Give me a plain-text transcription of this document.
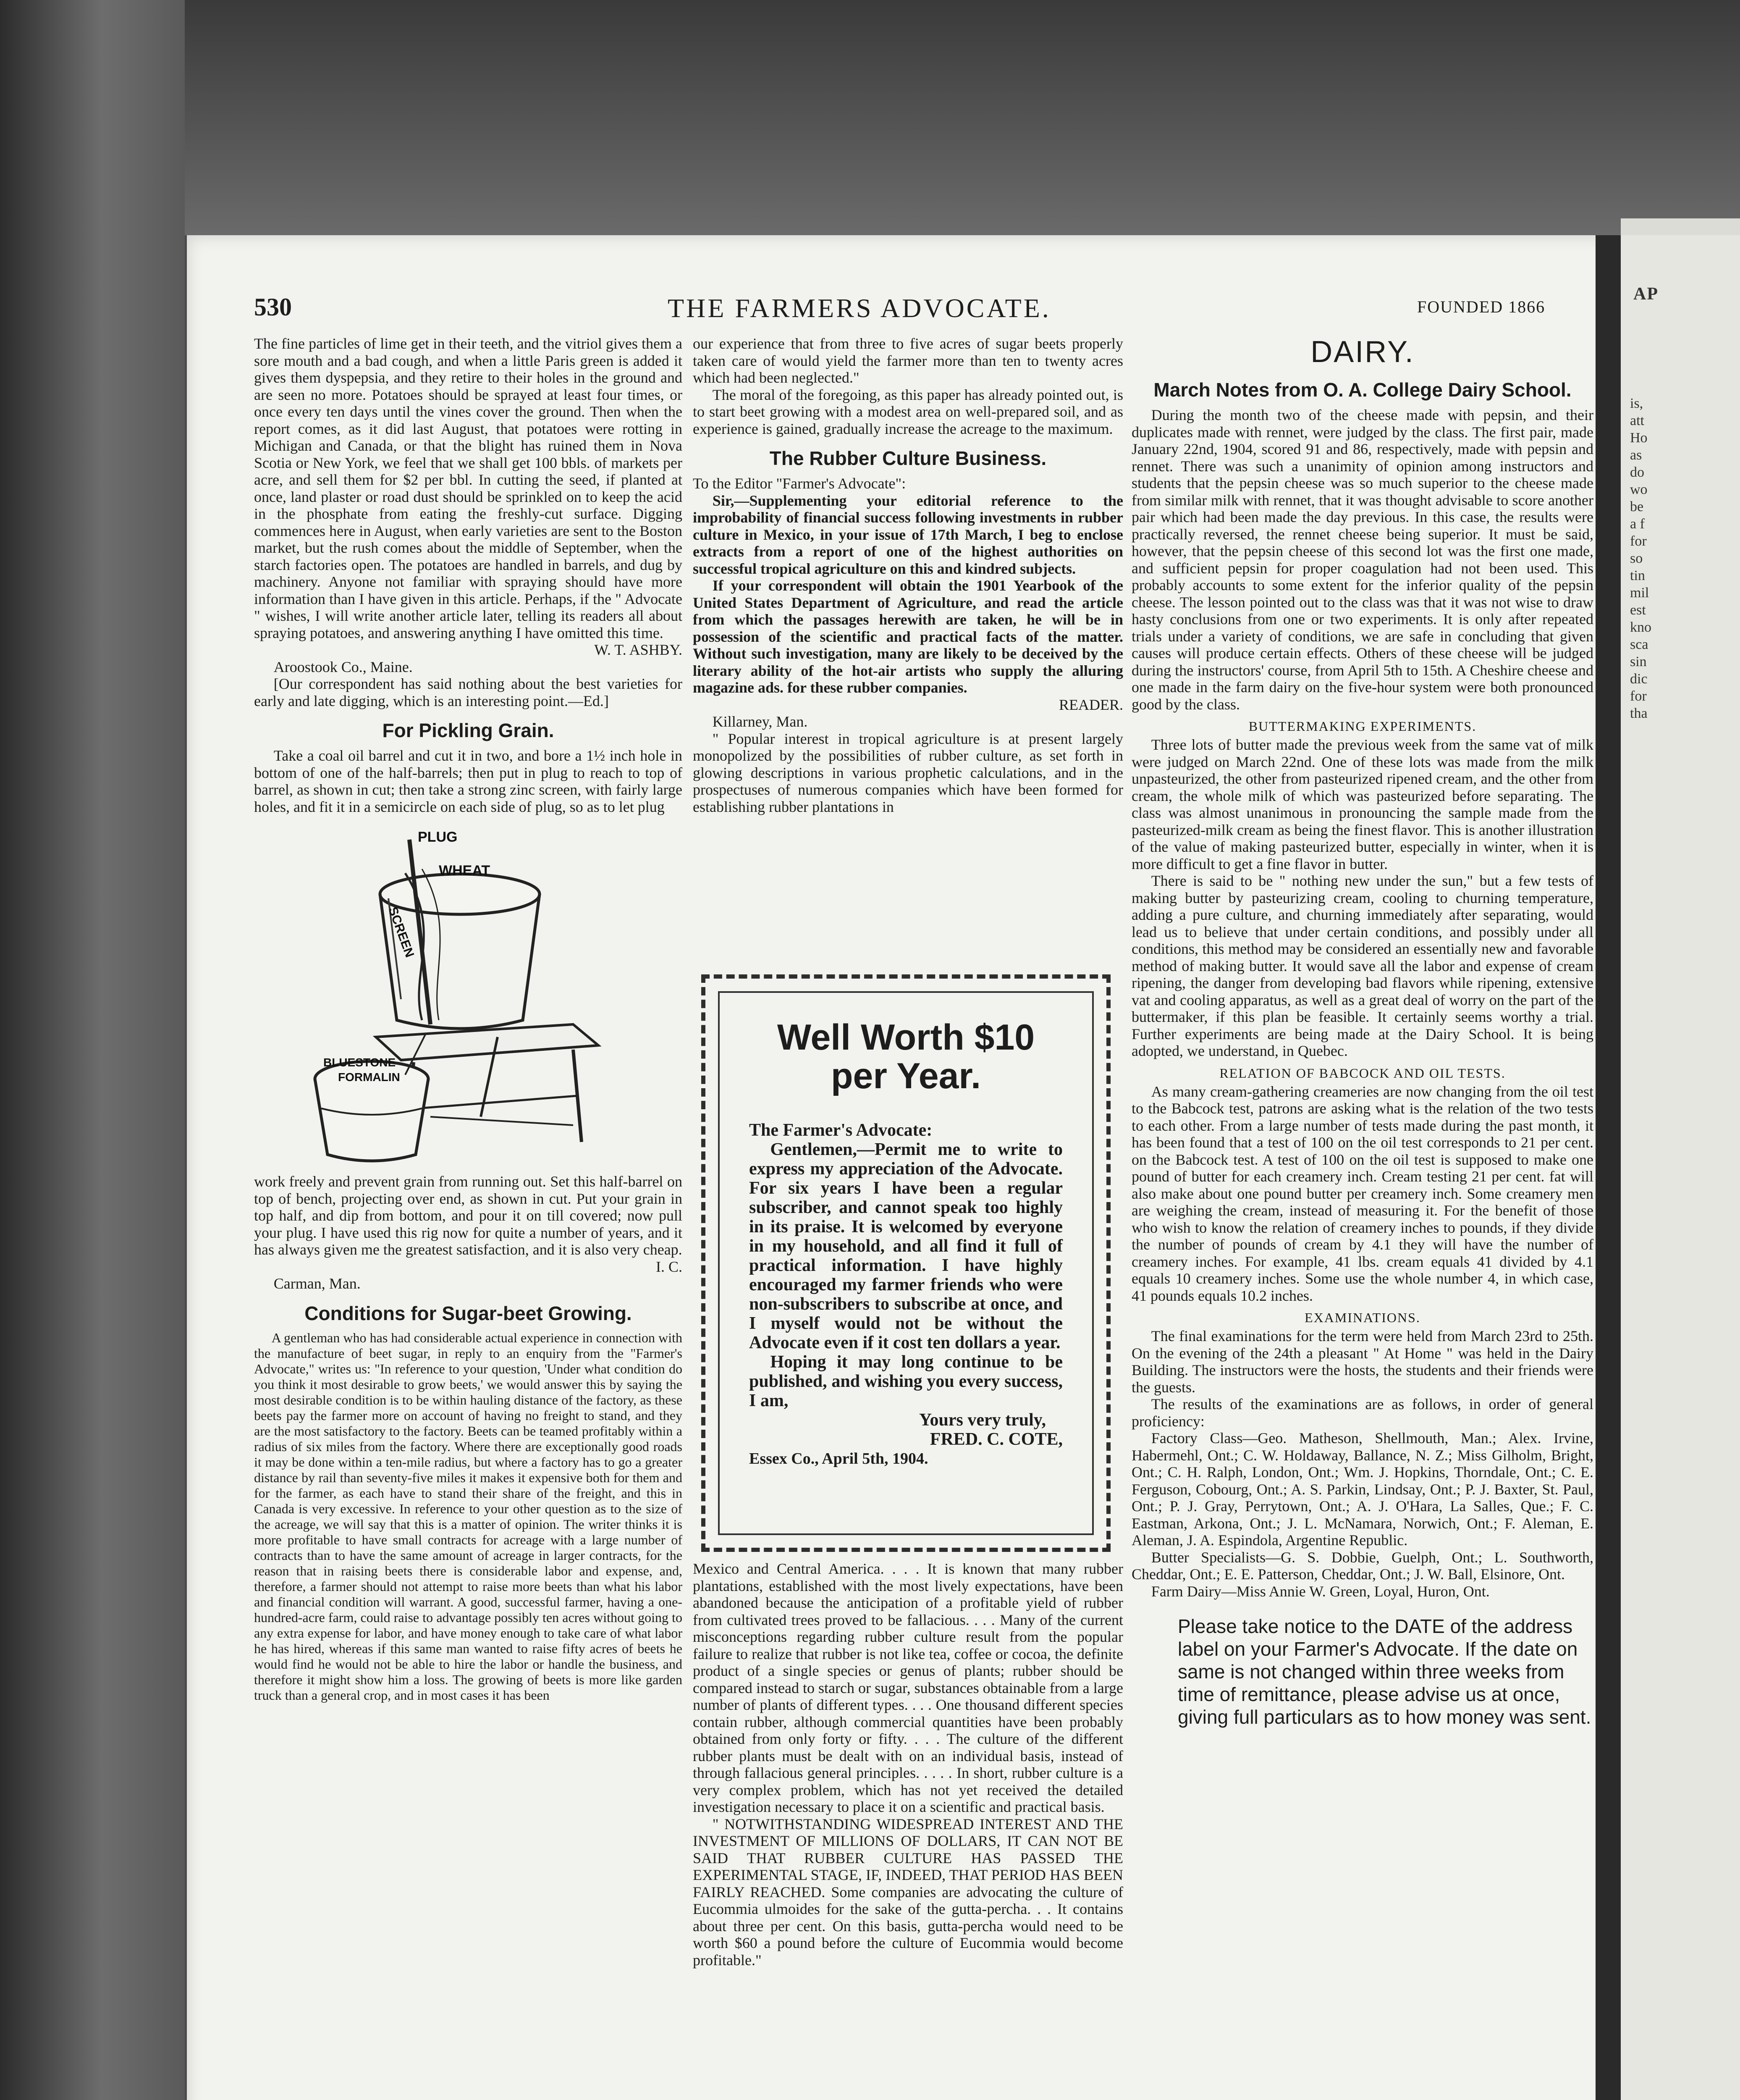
530	THE FARMERS ADVOCATE.	FOUNDED 1866

The fine particles of lime get in their teeth, and the vitriol gives them a sore mouth and a bad cough, and when a little Paris green is added it gives them dyspepsia, and they retire to their holes in the ground and are seen no more. Potatoes should be sprayed at least four times, or once every ten days until the vines cover the ground. Then when the report comes, as it did last August, that potatoes were rotting in Michigan and Canada, or that the blight has ruined them in Nova Scotia or New York, we feel that we shall get 100 bbls. of markets per acre, and sell them for $2 per bbl. In cutting the seed, if planted at once, land plaster or road dust should be sprinkled on to keep the acid in the phosphate from eating the freshly-cut surface. Digging commences here in August, when early varieties are sent to the Boston market, but the rush comes about the middle of September, when the starch factories open. The potatoes are handled in barrels, and dug by machinery. Anyone not familiar with spraying should have more information than I have given in this article. Perhaps, if the " Advocate " wishes, I will write another article later, telling its readers all about spraying potatoes, and answering anything I have omitted this time.

W. T. ASHBY.

Aroostook Co., Maine.

[Our correspondent has said nothing about the best varieties for early and late digging, which is an interesting point.—Ed.]

For Pickling Grain.

Take a coal oil barrel and cut it in two, and bore a 1½ inch hole in bottom of one of the half-barrels; then put in plug to reach to top of barrel, as shown in cut; then take a strong zinc screen, with fairly large holes, and fit it in a semicircle on each side of plug, so as to let plug

PLUG
WHEAT
SCREEN
BLUESTONE
FORMALIN

work freely and prevent grain from running out. Set this half-barrel on top of bench, projecting over end, as shown in cut. Put your grain in top half, and dip from bottom, and pour it on till covered; now pull your plug. I have used this rig now for quite a number of years, and it has always given me the greatest satisfaction, and it is also very cheap.

I. C.

Carman, Man.

Conditions for Sugar-beet Growing.

A gentleman who has had considerable actual experience in connection with the manufacture of beet sugar, in reply to an enquiry from the "Farmer's Advocate," writes us: "In reference to your question, 'Under what condition do you think it most desirable to grow beets,' we would answer this by saying the most desirable condition is to be within hauling distance of the factory, as these beets pay the farmer more on account of having no freight to stand, and they are the most satisfactory to the factory. Beets can be teamed profitably within a radius of six miles from the factory. Where there are exceptionally good roads it may be done within a ten-mile radius, but where a factory has to go a greater distance by rail than seventy-five miles it makes it expensive both for them and for the farmer, as each have to stand their share of the freight, and this in Canada is very excessive. In reference to your other question as to the size of the acreage, we will say that this is a matter of opinion. The writer thinks it is more profitable to have small contracts for acreage with a large number of contracts than to have the same amount of acreage in larger contracts, for the reason that in raising beets there is considerable labor and expense, and, therefore, a farmer should not attempt to raise more beets than what his labor and financial condition will warrant. A good, successful farmer, having a one-hundred-acre farm, could raise to advantage possibly ten acres without going to any extra expense for labor, and have money enough to take care of what labor he has hired, whereas if this same man wanted to raise fifty acres of beets he would find he would not be able to hire the labor or handle the business, and therefore it might show him a loss. The growing of beets is more like garden truck than a general crop, and in most cases it has been

our experience that from three to five acres of sugar beets properly taken care of would yield the farmer more than ten to twenty acres which had been neglected."

The moral of the foregoing, as this paper has already pointed out, is to start beet growing with a modest area on well-prepared soil, and as experience is gained, gradually increase the acreage to the maximum.

The Rubber Culture Business.

To the Editor "Farmer's Advocate":

Sir,—Supplementing your editorial reference to the improbability of financial success following investments in rubber culture in Mexico, in your issue of 17th March, I beg to enclose extracts from a report of one of the highest authorities on successful tropical agriculture on this and kindred subjects.

If your correspondent will obtain the 1901 Yearbook of the United States Department of Agriculture, and read the article from which the passages herewith are taken, he will be in possession of the scientific and practical facts of the matter. Without such investigation, many are likely to be deceived by the literary ability of the hot-air artists who supply the alluring magazine ads. for these rubber companies.

READER.

Killarney, Man.

" Popular interest in tropical agriculture is at present largely monopolized by the possibilities of rubber culture, as set forth in glowing descriptions in various prophetic calculations, and in the prospectuses of numerous companies which have been formed for establishing rubber plantations in

Mexico and Central America. . . . It is known that many rubber plantations, established with the most lively expectations, have been abandoned because the anticipation of a profitable yield of rubber from cultivated trees proved to be fallacious. . . . Many of the current misconceptions regarding rubber culture result from the popular failure to realize that rubber is not like tea, coffee or cocoa, the definite product of a single species or genus of plants; rubber should be compared instead to starch or sugar, substances obtainable from a large number of plants of different types. . . . One thousand different species contain rubber, although commercial quantities have been probably obtained from only forty or fifty. . . . The culture of the different rubber plants must be dealt with on an individual basis, instead of through fallacious general principles. . . . . In short, rubber culture is a very complex problem, which has not yet received the detailed investigation necessary to place it on a scientific and practical basis.

" NOTWITHSTANDING WIDESPREAD INTEREST AND THE INVESTMENT OF MILLIONS OF DOLLARS, IT CAN NOT BE SAID THAT RUBBER CULTURE HAS PASSED THE EXPERIMENTAL STAGE, IF, INDEED, THAT PERIOD HAS BEEN FAIRLY REACHED. Some companies are advocating the culture of Eucommia ulmoides for the sake of the gutta-percha. . . It contains about three per cent. On this basis, gutta-percha would need to be worth $60 a pound before the culture of Eucommia would become profitable."

Well Worth $10 per Year.

The Farmer's Advocate:

Gentlemen,—Permit me to write to express my appreciation of the Advocate. For six years I have been a regular subscriber, and cannot speak too highly in its praise. It is welcomed by everyone in my household, and all find it full of practical information. I have highly encouraged my farmer friends who were non-subscribers to subscribe at once, and I myself would not be without the Advocate even if it cost ten dollars a year.

Hoping it may long continue to be published, and wishing you every success, I am,

Yours very truly,

FRED. C. COTE,

Essex Co., April 5th, 1904.

DAIRY.
March Notes from O. A. College Dairy School.

During the month two of the cheese made with pepsin, and their duplicates made with rennet, were judged by the class. The first pair, made January 22nd, 1904, scored 91 and 86, respectively, made with pepsin and rennet. There was such a unanimity of opinion among instructors and students that the pepsin cheese was so much superior to the cheese made from similar milk with rennet, that it was thought advisable to score another pair which had been made the day previous. In this case, the results were practically reversed, the rennet cheese being superior. It must be said, however, that the pepsin cheese of this second lot was the first one made, and sufficient pepsin for proper coagulation had not been used. This probably accounts to some extent for the inferior quality of the pepsin cheese. The lesson pointed out to the class was that it was not wise to draw hasty conclusions from one or two experiments. It is only after repeated trials under a variety of conditions, we are safe in concluding that given causes will produce certain effects. Others of these cheese will be judged during the instructors' course, from April 5th to 15th. A Cheshire cheese and one made in the farm dairy on the five-hour system were both pronounced good by the class.

BUTTERMAKING EXPERIMENTS.

Three lots of butter made the previous week from the same vat of milk were judged on March 22nd. One of these lots was made from the milk unpasteurized, the other from pasteurized ripened cream, and the other from cream, the whole milk of which was pasteurized before separating. The class was almost unanimous in pronouncing the sample made from the pasteurized-milk cream as being the finest flavor. This is another illustration of the value of making pasteurized butter, especially in winter, when it is more difficult to get a fine flavor in butter.

There is said to be " nothing new under the sun," but a few tests of making butter by pasteurizing cream, cooling to churning temperature, adding a pure culture, and churning immediately after separating, would lead us to believe that under certain conditions, and possibly under all conditions, this method may be considered an essentially new and favorable method of making butter. It would save all the labor and expense of cream ripening, the danger from developing bad flavors while ripening, extensive vat and cooling apparatus, as well as a great deal of worry on the part of the buttermaker, if this plan be feasible. It certainly seems worthy a trial. Further experiments are being made at the Dairy School. It is being adopted, we understand, in Quebec.

RELATION OF BABCOCK AND OIL TESTS.

As many cream-gathering creameries are now changing from the oil test to the Babcock test, patrons are asking what is the relation of the two tests to each other. From a large number of tests made during the past month, it has been found that a test of 100 on the oil test corresponds to 21 per cent. on the Babcock test. A test of 100 on the oil test is supposed to make one pound of butter for each creamery inch. Cream testing 21 per cent. fat will also make about one pound butter per creamery inch. Some creamery men are weighing the cream, instead of measuring it. For the benefit of those who wish to know the relation of creamery inches to pounds, if they divide the number of pounds of cream by 4.1 they will have the number of creamery inches. For example, 41 lbs. cream equals 41 divided by 4.1 equals 10 creamery inches. Some use the whole number 4, in which case, 41 pounds equals 10.2 inches.

EXAMINATIONS.

The final examinations for the term were held from March 23rd to 25th. On the evening of the 24th a pleasant " At Home " was held in the Dairy Building. The instructors were the hosts, the students and their friends were the guests.

The results of the examinations are as follows, in order of general proficiency:

Factory Class—Geo. Matheson, Shellmouth, Man.; Alex. Irvine, Habermehl, Ont.; C. W. Holdaway, Ballance, N. Z.; Miss Gilholm, Bright, Ont.; C. H. Ralph, London, Ont.; Wm. J. Hopkins, Thorndale, Ont.; C. E. Ferguson, Cobourg, Ont.; A. S. Parkin, Lindsay, Ont.; P. J. Baxter, St. Paul, Ont.; P. J. Gray, Perrytown, Ont.; A. J. O'Hara, La Salles, Que.; F. C. Eastman, Arkona, Ont.; J. L. McNamara, Norwich, Ont.; F. Aleman, E. Aleman, J. A. Espindola, Argentine Republic.

Butter Specialists—G. S. Dobbie, Guelph, Ont.; L. Southworth, Cheddar, Ont.; E. E. Patterson, Cheddar, Ont.; J. W. Ball, Elsinore, Ont.

Farm Dairy—Miss Annie W. Green, Loyal, Huron, Ont.

Please take notice to the DATE of the address label on your Farmer's Advocate. If the date on same is not changed within three weeks from time of remittance, please advise us at once, giving full particulars as to how money was sent.
AP
is,
att
Ho
as
do
wo
be
a f
for
so
tin
mil
est
kno
sca
sin
dic
for
tha
